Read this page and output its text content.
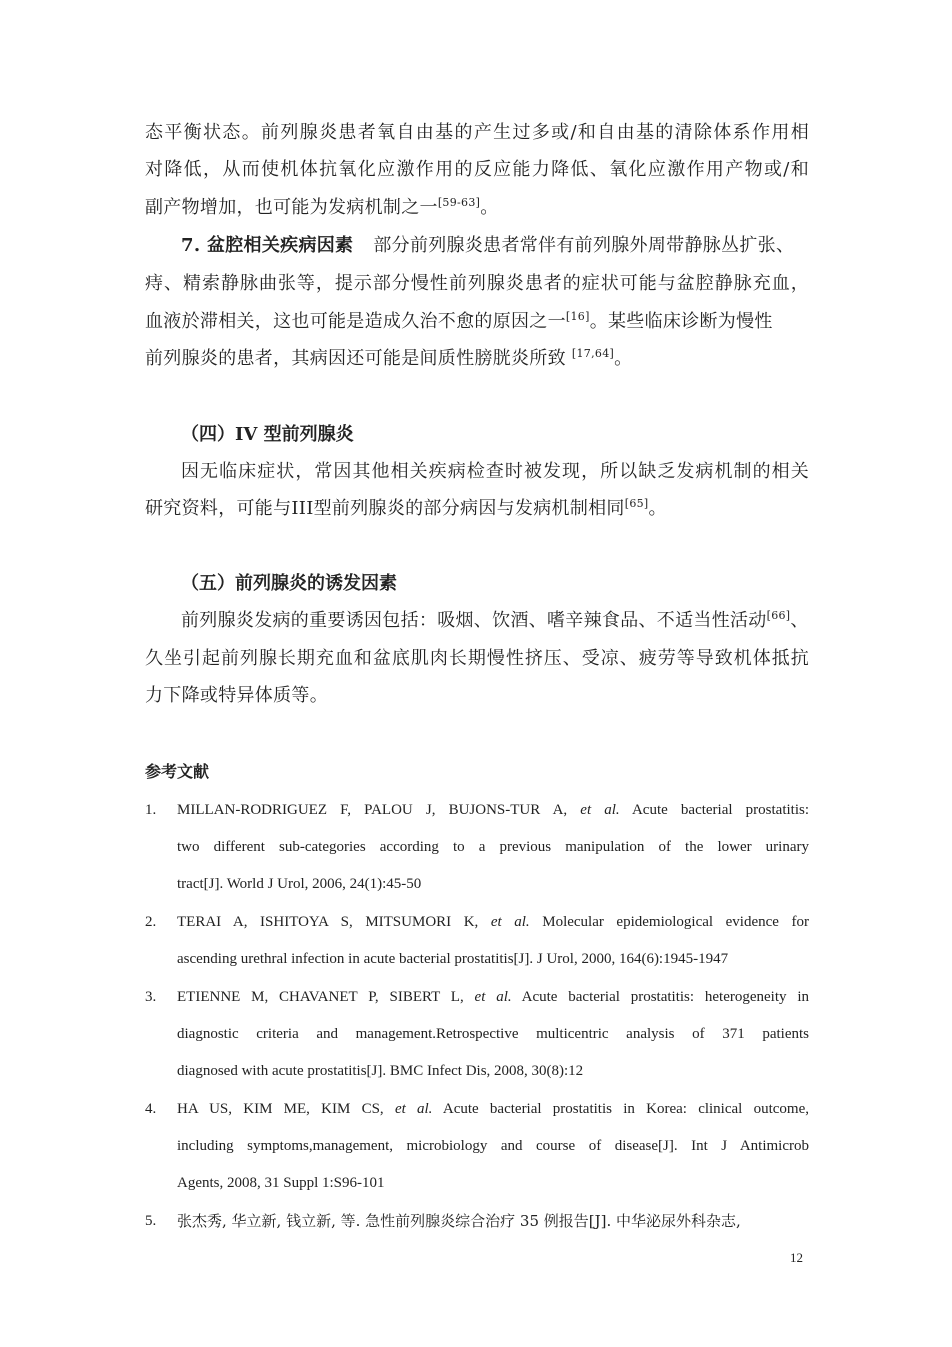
态平衡状态。前列腺炎患者氧自由基的产生过多或/和自由基的清除体系作用相
对降低，从而使机体抗氧化应激作用的反应能力降低、氧化应激作用产物或/和
副产物增加，也可能为发病机制之一[59-63]。
7. 盆腔相关疾病因素 部分前列腺炎患者常伴有前列腺外周带静脉丛扩张、
痔、精索静脉曲张等，提示部分慢性前列腺炎患者的症状可能与盆腔静脉充血，
血液於滞相关，这也可能是造成久治不愈的原因之一[16]。某些临床诊断为慢性
前列腺炎的患者，其病因还可能是间质性膀胱炎所致 [17,64]。
（四）IV 型前列腺炎
因无临床症状，常因其他相关疾病检查时被发现，所以缺乏发病机制的相关
研究资料，可能与III型前列腺炎的部分病因与发病机制相同[65]。
（五）前列腺炎的诱发因素
前列腺炎发病的重要诱因包括：吸烟、饮酒、嗜辛辣食品、不适当性活动[66]、
久坐引起前列腺长期充血和盆底肌肉长期慢性挤压、受凉、疲劳等导致机体抵抗
力下降或特异体质等。
参考文献
1. MILLAN-RODRIGUEZ F, PALOU J, BUJONS-TUR A, et al. Acute bacterial prostatitis:
two different sub-categories according to a previous manipulation of the lower urinary
tract[J]. World J Urol, 2006, 24(1):45-50
2. TERAI A, ISHITOYA S, MITSUMORI K, et al. Molecular epidemiological evidence for
ascending urethral infection in acute bacterial prostatitis[J]. J Urol, 2000, 164(6):1945-1947
3. ETIENNE M, CHAVANET P, SIBERT L, et al. Acute bacterial prostatitis: heterogeneity in
diagnostic criteria and management.Retrospective multicentric analysis of 371 patients
diagnosed with acute prostatitis[J]. BMC Infect Dis, 2008, 30(8):12
4. HA US, KIM ME, KIM CS, et al. Acute bacterial prostatitis in Korea: clinical outcome,
including symptoms,management, microbiology and course of disease[J]. Int J Antimicrob
Agents, 2008, 31 Suppl 1:S96-101
5. 张杰秀, 华立新, 钱立新, 等. 急性前列腺炎综合治疗 35 例报告[J]. 中华泌尿外科杂志,
12
